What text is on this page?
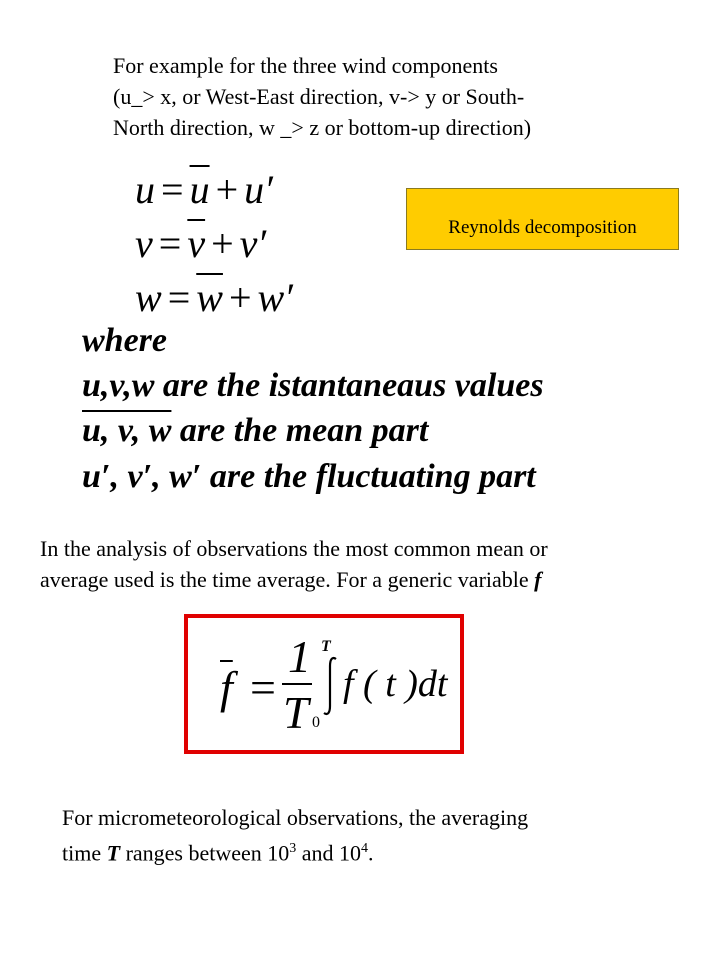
For example for the three wind components
(u_> x, or West-East direction, v-> y or South-
North direction, w _> z or bottom-up direction)
$u = \overline{u} + u'$
$v = \overline{v} + v'$
$w = \overline{w} + w'$
Reynolds decomposition
where
u,v,w are the istantaneaus values
u, v, w are the mean part
u′, v′, w′ are the fluctuating part
In the analysis of observations the most common mean or
average used is the time average. For a generic variable f
$\overline{f}$ =
1
T
T
0
f ( t )dt
For micrometeorological observations, the averaging
time T ranges between $10^3$ and $10^4$.
